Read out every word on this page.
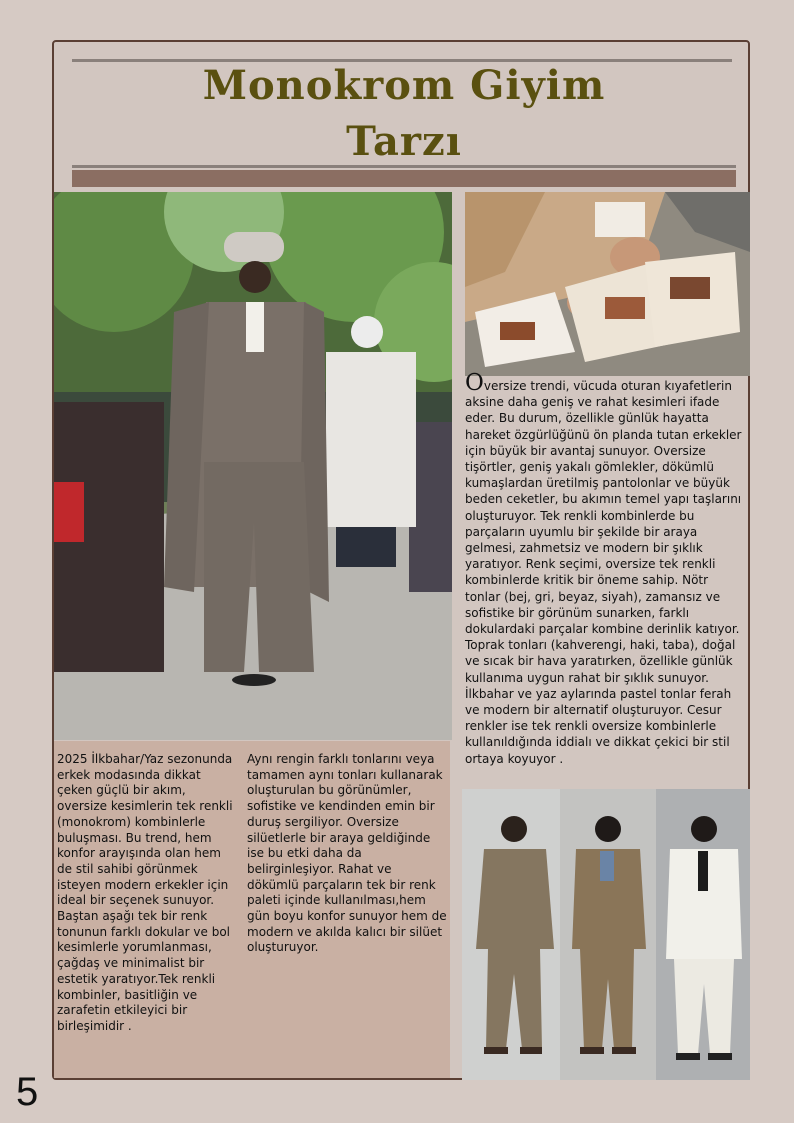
Monokrom Giyim
Tarzı

2025 İlkbahar/Yaz sezonunda erkek modasında dikkat çeken güçlü bir akım, oversize kesimlerin tek renkli (monokrom) kombinlerle buluşması. Bu trend, hem konfor arayışında olan hem de stil sahibi görünmek isteyen modern erkekler için ideal bir seçenek sunuyor. Baştan aşağı tek bir renk tonunun farklı dokular ve bol kesimlerle yorumlanması, çağdaş ve minimalist bir estetik yaratıyor.Tek renkli kombinler, basitliğin ve zarafetin etkileyici bir birleşimidir .

Aynı rengin farklı tonlarını veya tamamen aynı tonları kullanarak oluşturulan bu görünümler, sofistike ve kendinden emin bir duruş sergiliyor. Oversize silüetlerle bir araya geldiğinde ise bu etki daha da belirginleşiyor. Rahat ve dökümlü parçaların tek bir renk paleti içinde kullanılması,hem gün boyu konfor sunuyor hem de modern ve akılda kalıcı bir silüet oluşturuyor.

Oversize trendi, vücuda oturan kıyafetlerin aksine daha geniş ve rahat kesimleri ifade eder. Bu durum, özellikle günlük hayatta hareket özgürlüğünü ön planda tutan erkekler için büyük bir avantaj sunuyor. Oversize tişörtler, geniş yakalı gömlekler, dökümlü kumaşlardan üretilmiş pantolonlar ve büyük beden ceketler, bu akımın temel yapı taşlarını oluşturuyor. Tek renkli kombinlerde bu parçaların uyumlu bir şekilde bir araya gelmesi, zahmetsiz ve modern bir şıklık yaratıyor. Renk seçimi, oversize tek renkli kombinlerde kritik bir öneme sahip. Nötr tonlar (bej, gri, beyaz, siyah), zamansız ve sofistike bir görünüm sunarken, farklı dokulardaki parçalar kombine derinlik katıyor. Toprak tonları (kahverengi, haki, taba), doğal ve sıcak bir hava yaratırken, özellikle günlük kullanıma uygun rahat bir şıklık sunuyor. İlkbahar ve yaz aylarında pastel tonlar ferah ve modern bir alternatif oluşturuyor. Cesur renkler ise tek renkli oversize kombinlerle kullanıldığında iddialı ve dikkat çekici bir stil ortaya koyuyor .

5
